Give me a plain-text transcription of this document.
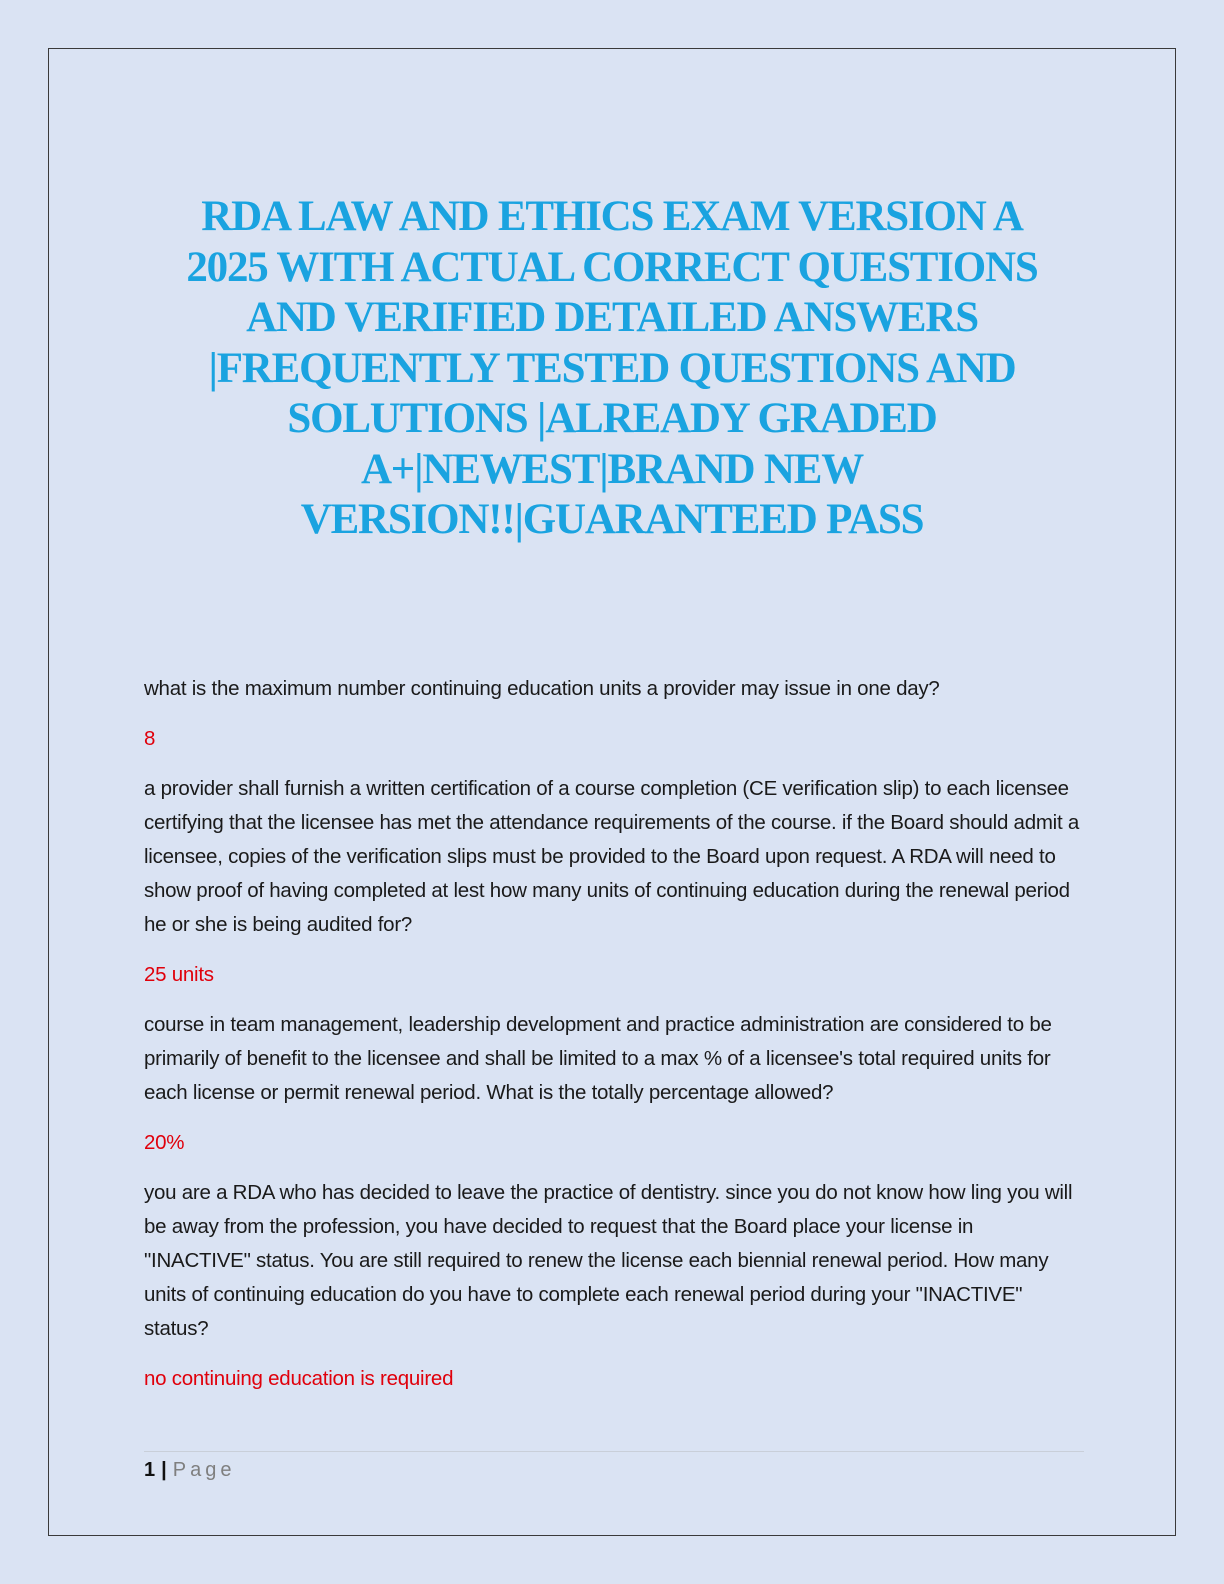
RDA LAW AND ETHICS EXAM VERSION A
2025 WITH ACTUAL CORRECT QUESTIONS
AND VERIFIED DETAILED ANSWERS
|FREQUENTLY TESTED QUESTIONS AND
SOLUTIONS |ALREADY GRADED
A+|NEWEST|BRAND NEW
VERSION!!|GUARANTEED PASS

what is the maximum number continuing education units a provider may issue in one day?

8

a provider shall furnish a written certification of a course completion (CE verification slip) to each licensee certifying that the licensee has met the attendance requirements of the course. if the Board should admit a licensee, copies of the verification slips must be provided to the Board upon request. A RDA will need to show proof of having completed at lest how many units of continuing education during the renewal period he or she is being audited for?

25 units

course in team management, leadership development and practice administration are considered to be primarily of benefit to the licensee and shall be limited to a max % of a licensee's total required units for each license or permit renewal period. What is the totally percentage allowed?

20%

you are a RDA who has decided to leave the practice of dentistry. since you do not know how ling you will be away from the profession, you have decided to request that the Board place your license in "INACTIVE" status. You are still required to renew the license each biennial renewal period. How many units of continuing education do you have to complete each renewal period during your "INACTIVE" status?

no continuing education is required

1 | Page
